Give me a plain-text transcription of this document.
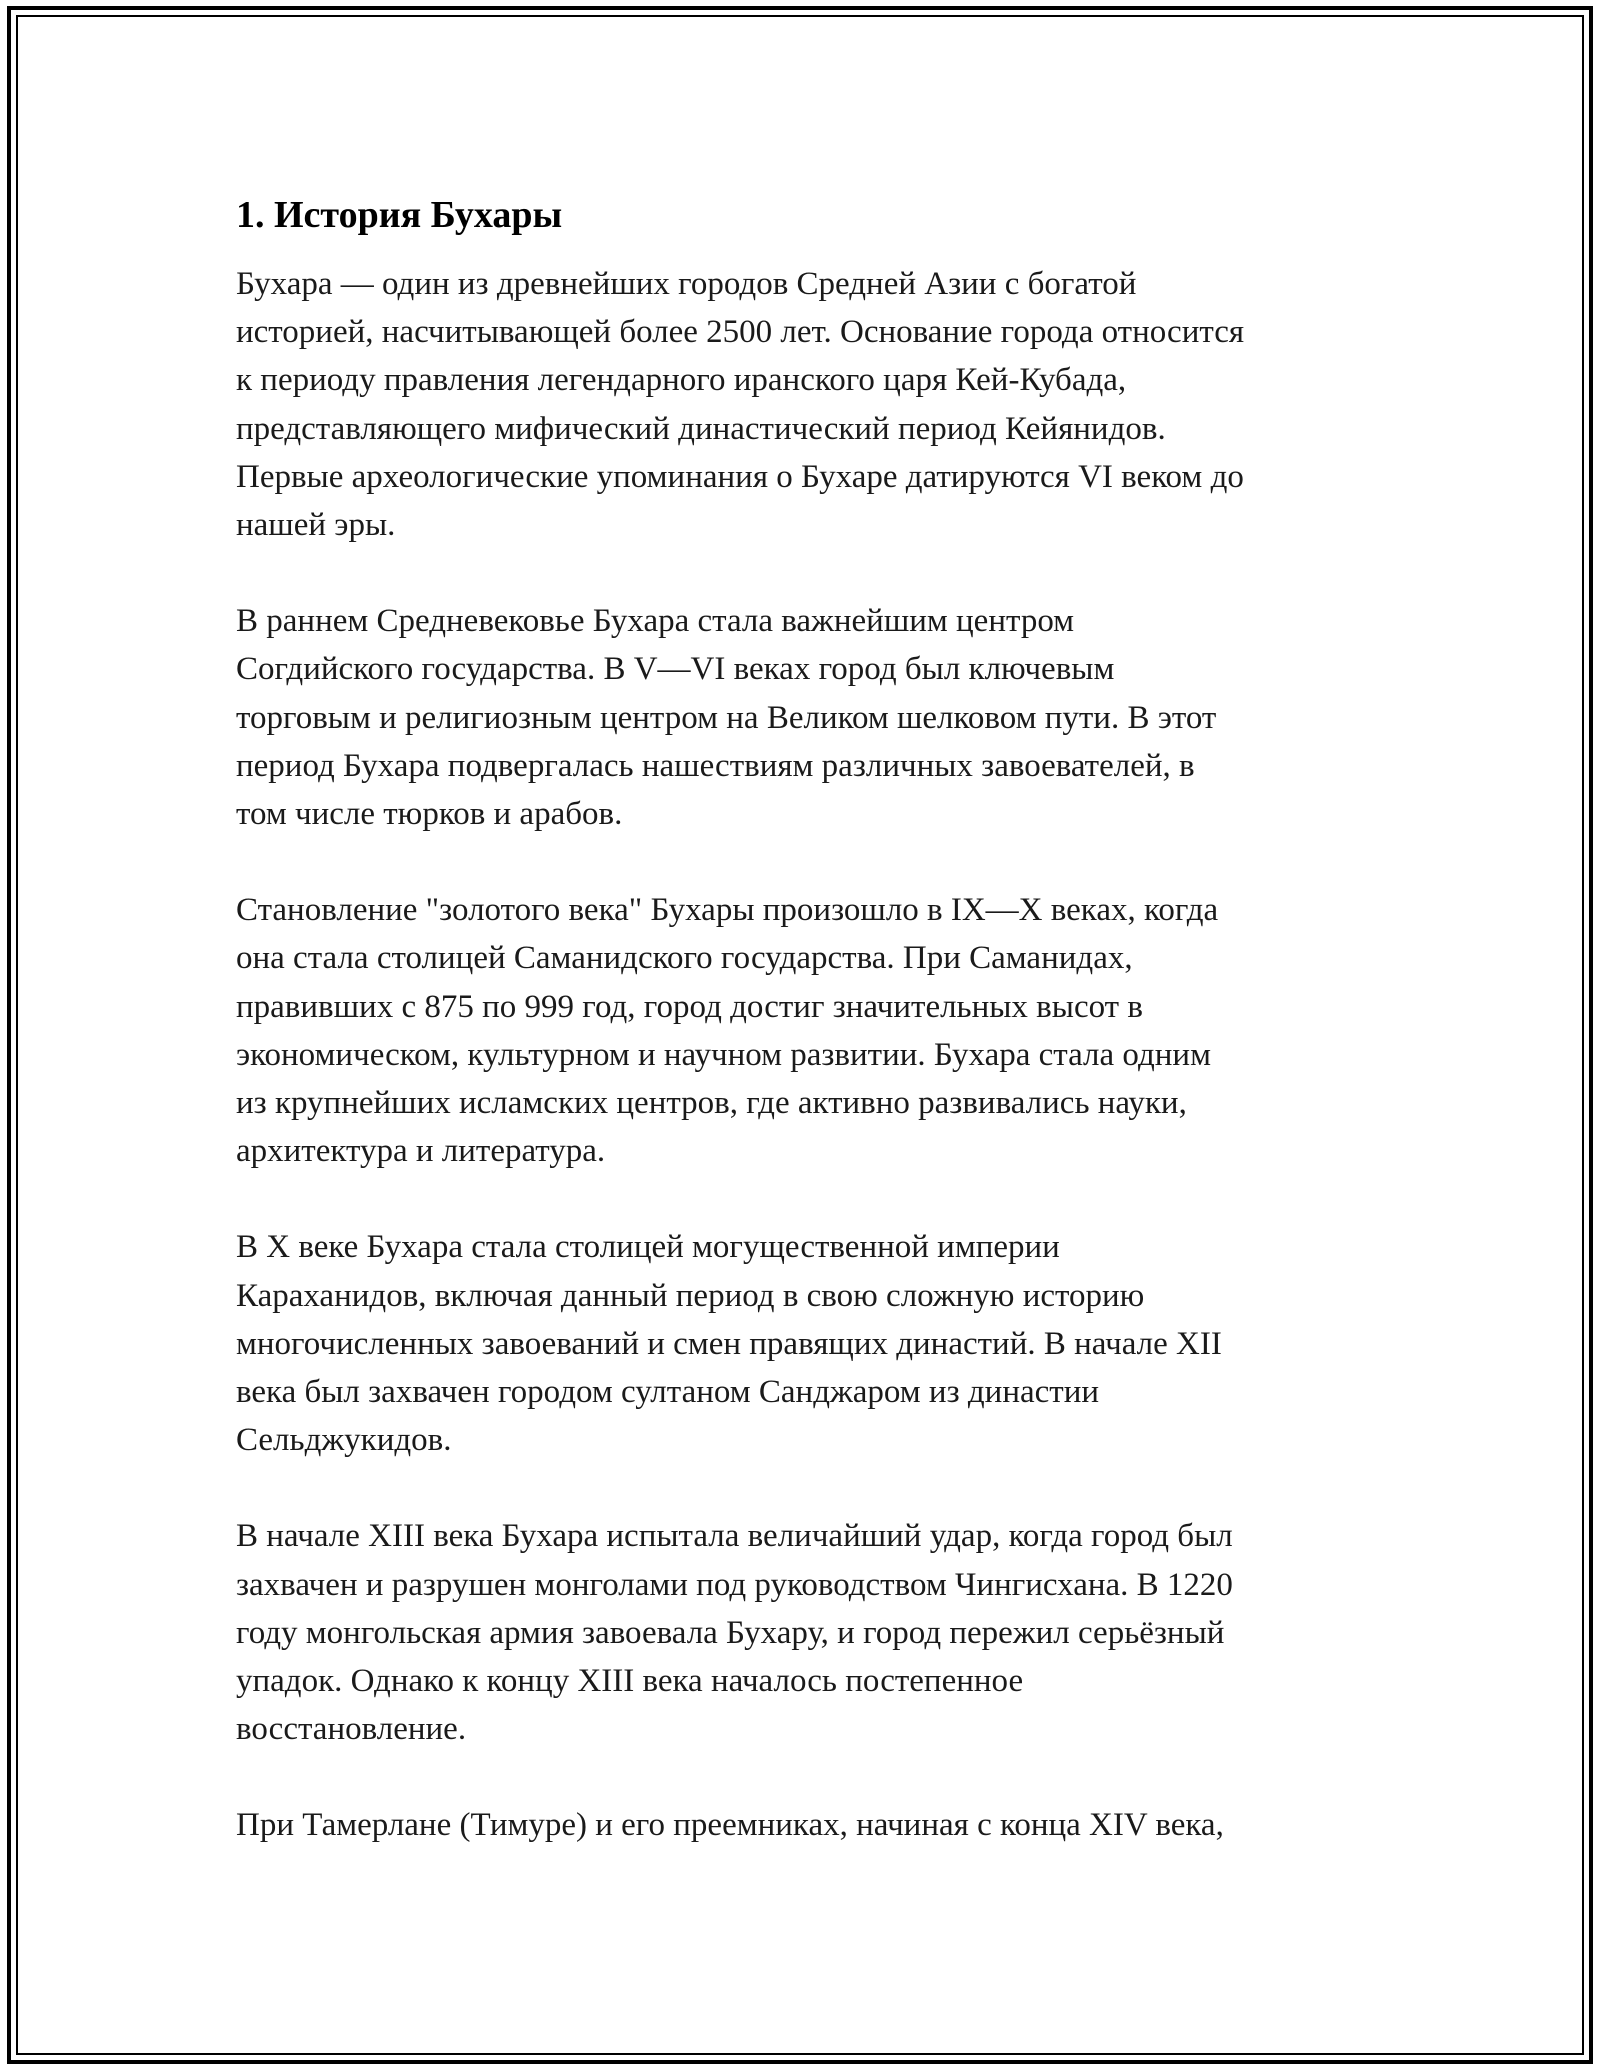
1. История Бухары

Бухара — один из древнейших городов Средней Азии с богатой
историей, насчитывающей более 2500 лет. Основание города относится
к периоду правления легендарного иранского царя Кей-Кубада,
представляющего мифический династический период Кейянидов.
Первые археологические упоминания о Бухаре датируются VI веком до
нашей эры.

В раннем Средневековье Бухара стала важнейшим центром
Согдийского государства. В V—VI веках город был ключевым
торговым и религиозным центром на Великом шелковом пути. В этот
период Бухара подвергалась нашествиям различных завоевателей, в
том числе тюрков и арабов.

Становление "золотого века" Бухары произошло в IX—X веках, когда
она стала столицей Саманидского государства. При Саманидах,
правивших с 875 по 999 год, город достиг значительных высот в
экономическом, культурном и научном развитии. Бухара стала одним
из крупнейших исламских центров, где активно развивались науки,
архитектура и литература.

В X веке Бухара стала столицей могущественной империи
Караханидов, включая данный период в свою сложную историю
многочисленных завоеваний и смен правящих династий. В начале XII
века был захвачен городом султаном Санджаром из династии
Сельджукидов.

В начале XIII века Бухара испытала величайший удар, когда город был
захвачен и разрушен монголами под руководством Чингисхана. В 1220
году монгольская армия завоевала Бухару, и город пережил серьёзный
упадок. Однако к концу XIII века началось постепенное
восстановление.

При Тамерлане (Тимуре) и его преемниках, начиная с конца XIV века,
